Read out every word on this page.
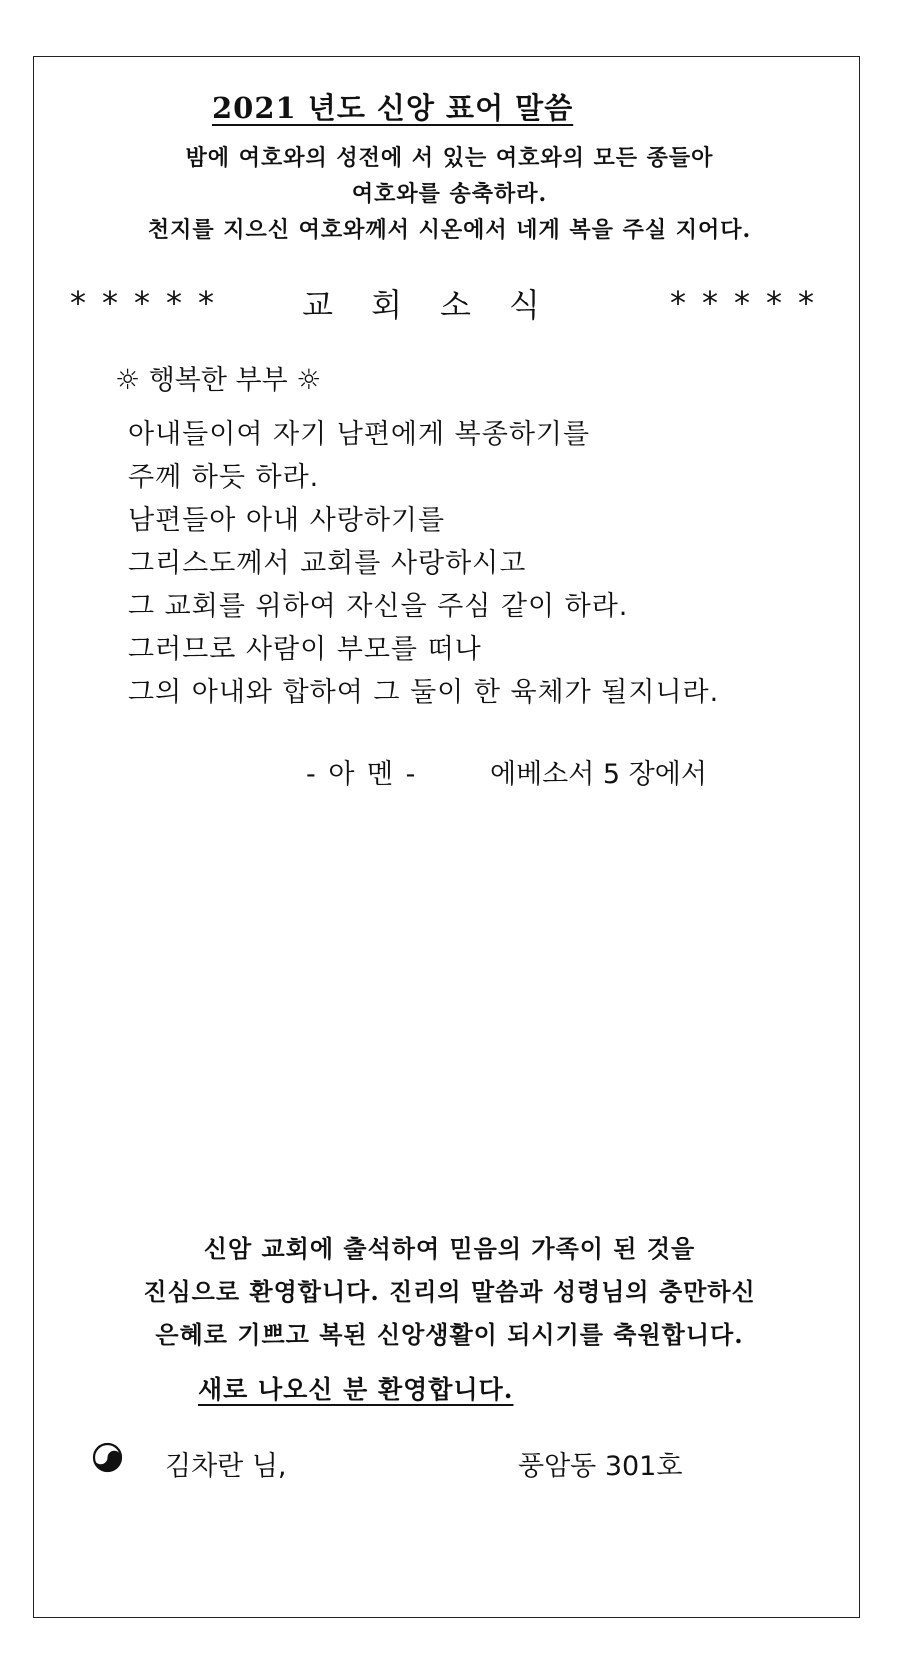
2021 년도 신앙 표어 말씀
밤에 여호와의 성전에 서 있는 여호와의 모든 종들아
여호와를 송축하라.
천지를 지으신 여호와께서 시온에서 네게 복을 주실 지어다.
***** 교회소식	*****
☼ 행복한 부부 ☼
아내들이여 자기 남편에게 복종하기를
주께 하듯 하라.
남편들아 아내 사랑하기를
그리스도께서 교회를 사랑하시고
그 교회를 위하여 자신을 주심 같이 하라.
그러므로 사람이 부모를 떠나
그의 아내와 합하여 그 둘이 한 육체가 될지니라.
- 아 멘 -	에베소서 5 장에서
신암 교회에 출석하여 믿음의 가족이 된 것을
진심으로 환영합니다. 진리의 말씀과 성령님의 충만하신
은혜로 기쁘고 복된 신앙생활이 되시기를 축원합니다.
새로 나오신 분 환영합니다.
김차란 님,	풍암동 301호
